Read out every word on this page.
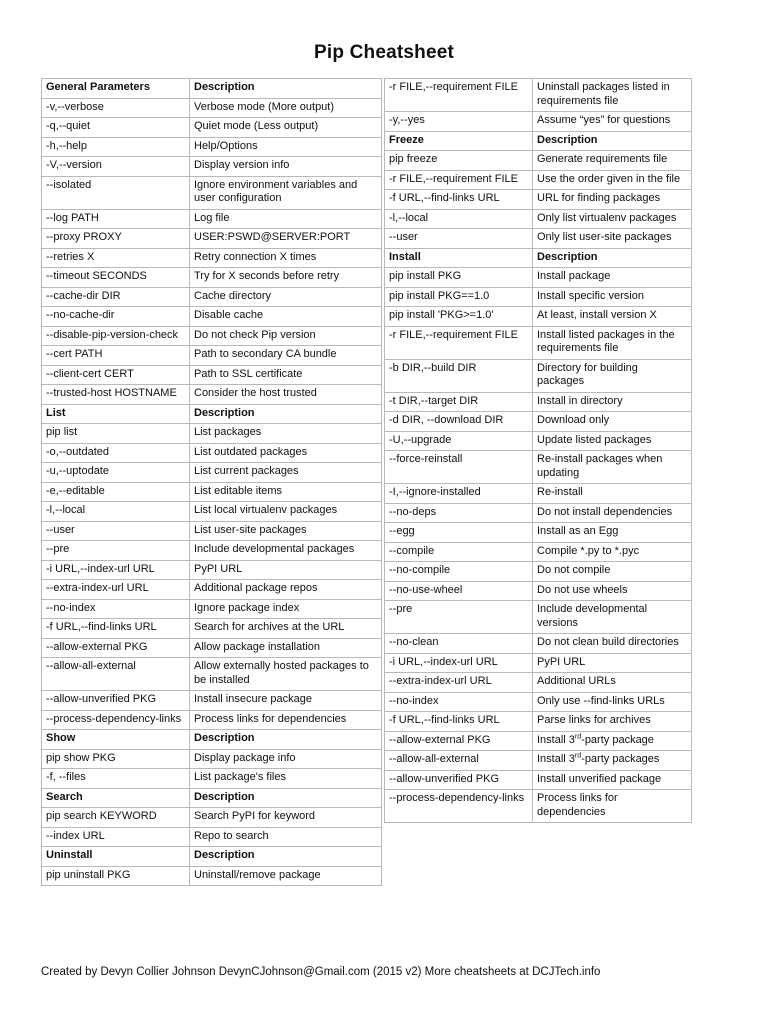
Pip Cheatsheet
General Parameters	Description
-v,--verbose	Verbose mode (More output)
-q,--quiet	Quiet mode (Less output)
-h,--help	Help/Options
-V,--version	Display version info
--isolated	Ignore environment variables and user configuration
--log PATH	Log file
--proxy PROXY	USER:PSWD@SERVER:PORT
--retries X	Retry connection X times
--timeout SECONDS	Try for X seconds before retry
--cache-dir DIR	Cache directory
--no-cache-dir	Disable cache
--disable-pip-version-check	Do not check Pip version
--cert PATH	Path to secondary CA bundle
--client-cert CERT	Path to SSL certificate
--trusted-host HOSTNAME	Consider the host trusted
List	Description
pip list	List packages
-o,--outdated	List outdated packages
-u,--uptodate	List current packages
-e,--editable	List editable items
-l,--local	List local virtualenv packages
--user	List user-site packages
--pre	Include developmental packages
-i URL,--index-url URL	PyPI URL
--extra-index-url URL	Additional package repos
--no-index	Ignore package index
-f URL,--find-links URL	Search for archives at the URL
--allow-external PKG	Allow package installation
--allow-all-external	Allow externally hosted packages to be installed
--allow-unverified PKG	Install insecure package
--process-dependency-links	Process links for dependencies
Show	Description
pip show PKG	Display package info
-f, --files	List package's files
Search	Description
pip search KEYWORD	Search PyPI for keyword
--index URL	Repo to search
Uninstall	Description
pip uninstall PKG	Uninstall/remove package
-r FILE,--requirement FILE	Uninstall packages listed in requirements file
-y,--yes	Assume “yes” for questions
Freeze	Description
pip freeze	Generate requirements file
-r FILE,--requirement FILE	Use the order given in the file
-f URL,--find-links URL	URL for finding packages
-l,--local	Only list virtualenv packages
--user	Only list user-site packages
Install	Description
pip install PKG	Install package
pip install PKG==1.0	Install specific version
pip install 'PKG>=1.0'	At least, install version X
-r FILE,--requirement FILE	Install listed packages in the requirements file
-b DIR,--build DIR	Directory for building packages
-t DIR,--target DIR	Install in directory
-d DIR, --download DIR	Download only
-U,--upgrade	Update listed packages
--force-reinstall	Re-install packages when updating
-I,--ignore-installed	Re-install
--no-deps	Do not install dependencies
--egg	Install as an Egg
--compile	Compile *.py to *.pyc
--no-compile	Do not compile
--no-use-wheel	Do not use wheels
--pre	Include developmental versions
--no-clean	Do not clean build directories
-i URL,--index-url URL	PyPI URL
--extra-index-url URL	Additional URLs
--no-index	Only use --find-links URLs
-f URL,--find-links URL	Parse links for archives
--allow-external PKG	Install 3rd-party package
--allow-all-external	Install 3rd-party packages
--allow-unverified PKG	Install unverified package
--process-dependency-links	Process links for dependencies
Created by Devyn Collier Johnson DevynCJohnson@Gmail.com (2015 v2) More cheatsheets at DCJTech.info
